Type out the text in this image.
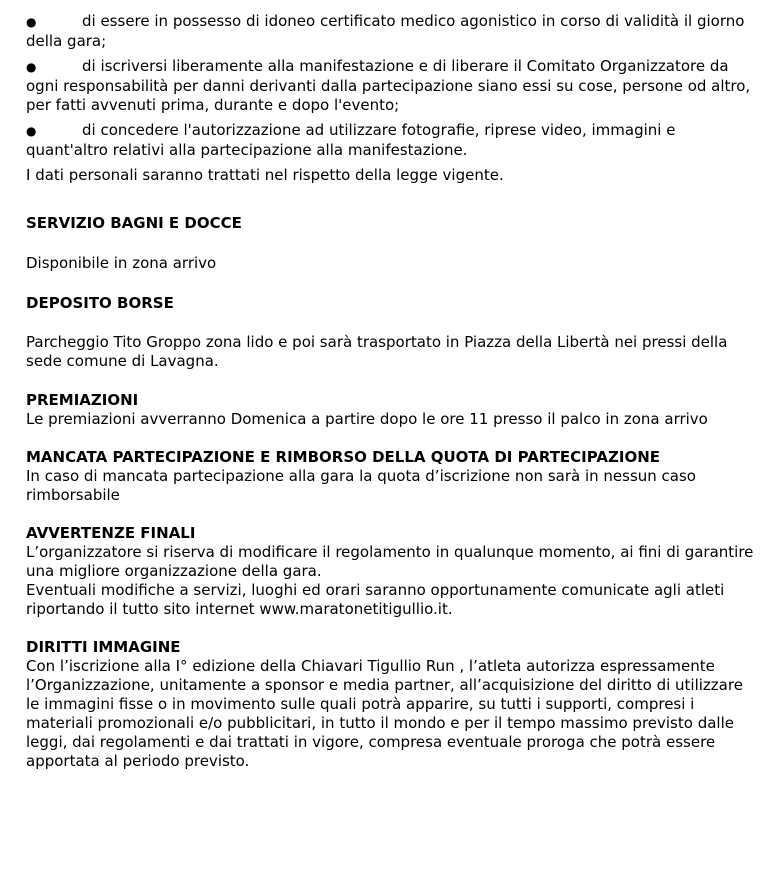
●	di essere in possesso di idoneo certificato medico agonistico in corso di validità il giorno della gara;
●	di iscriversi liberamente alla manifestazione e di liberare il Comitato Organizzatore da ogni responsabilità per danni derivanti dalla partecipazione siano essi su cose, persone od altro, per fatti avvenuti prima, durante e dopo l'evento;
●	di concedere l'autorizzazione ad utilizzare fotografie, riprese video, immagini e quant'altro relativi alla partecipazione alla manifestazione.

I dati personali saranno trattati nel rispetto della legge vigente.

SERVIZIO BAGNI E DOCCE

Disponibile in zona arrivo

DEPOSITO BORSE

Parcheggio Tito Groppo zona lido e poi sarà trasportato in Piazza della Libertà nei pressi della sede comune di Lavagna.

PREMIAZIONI

Le premiazioni avverranno Domenica a partire dopo le ore 11 presso il palco in zona arrivo

MANCATA PARTECIPAZIONE E RIMBORSO DELLA QUOTA DI PARTECIPAZIONE

In caso di mancata partecipazione alla gara la quota d’iscrizione non sarà in nessun caso rimborsabile

AVVERTENZE FINALI

L’organizzatore si riserva di modificare il regolamento in qualunque momento, ai fini di garantire una migliore organizzazione della gara.

Eventuali modifiche a servizi, luoghi ed orari saranno opportunamente comunicate agli atleti riportando il tutto sito internet www.maratonetitigullio.it.

DIRITTI IMMAGINE

Con l’iscrizione alla I° edizione della Chiavari Tigullio Run , l’atleta autorizza espressamente l’Organizzazione, unitamente a sponsor e media partner, all’acquisizione del diritto di utilizzare le immagini fisse o in movimento sulle quali potrà apparire, su tutti i supporti, compresi i materiali promozionali e/o pubblicitari, in tutto il mondo e per il tempo massimo previsto dalle leggi, dai regolamenti e dai trattati in vigore, compresa eventuale proroga che potrà essere apportata al periodo previsto.
